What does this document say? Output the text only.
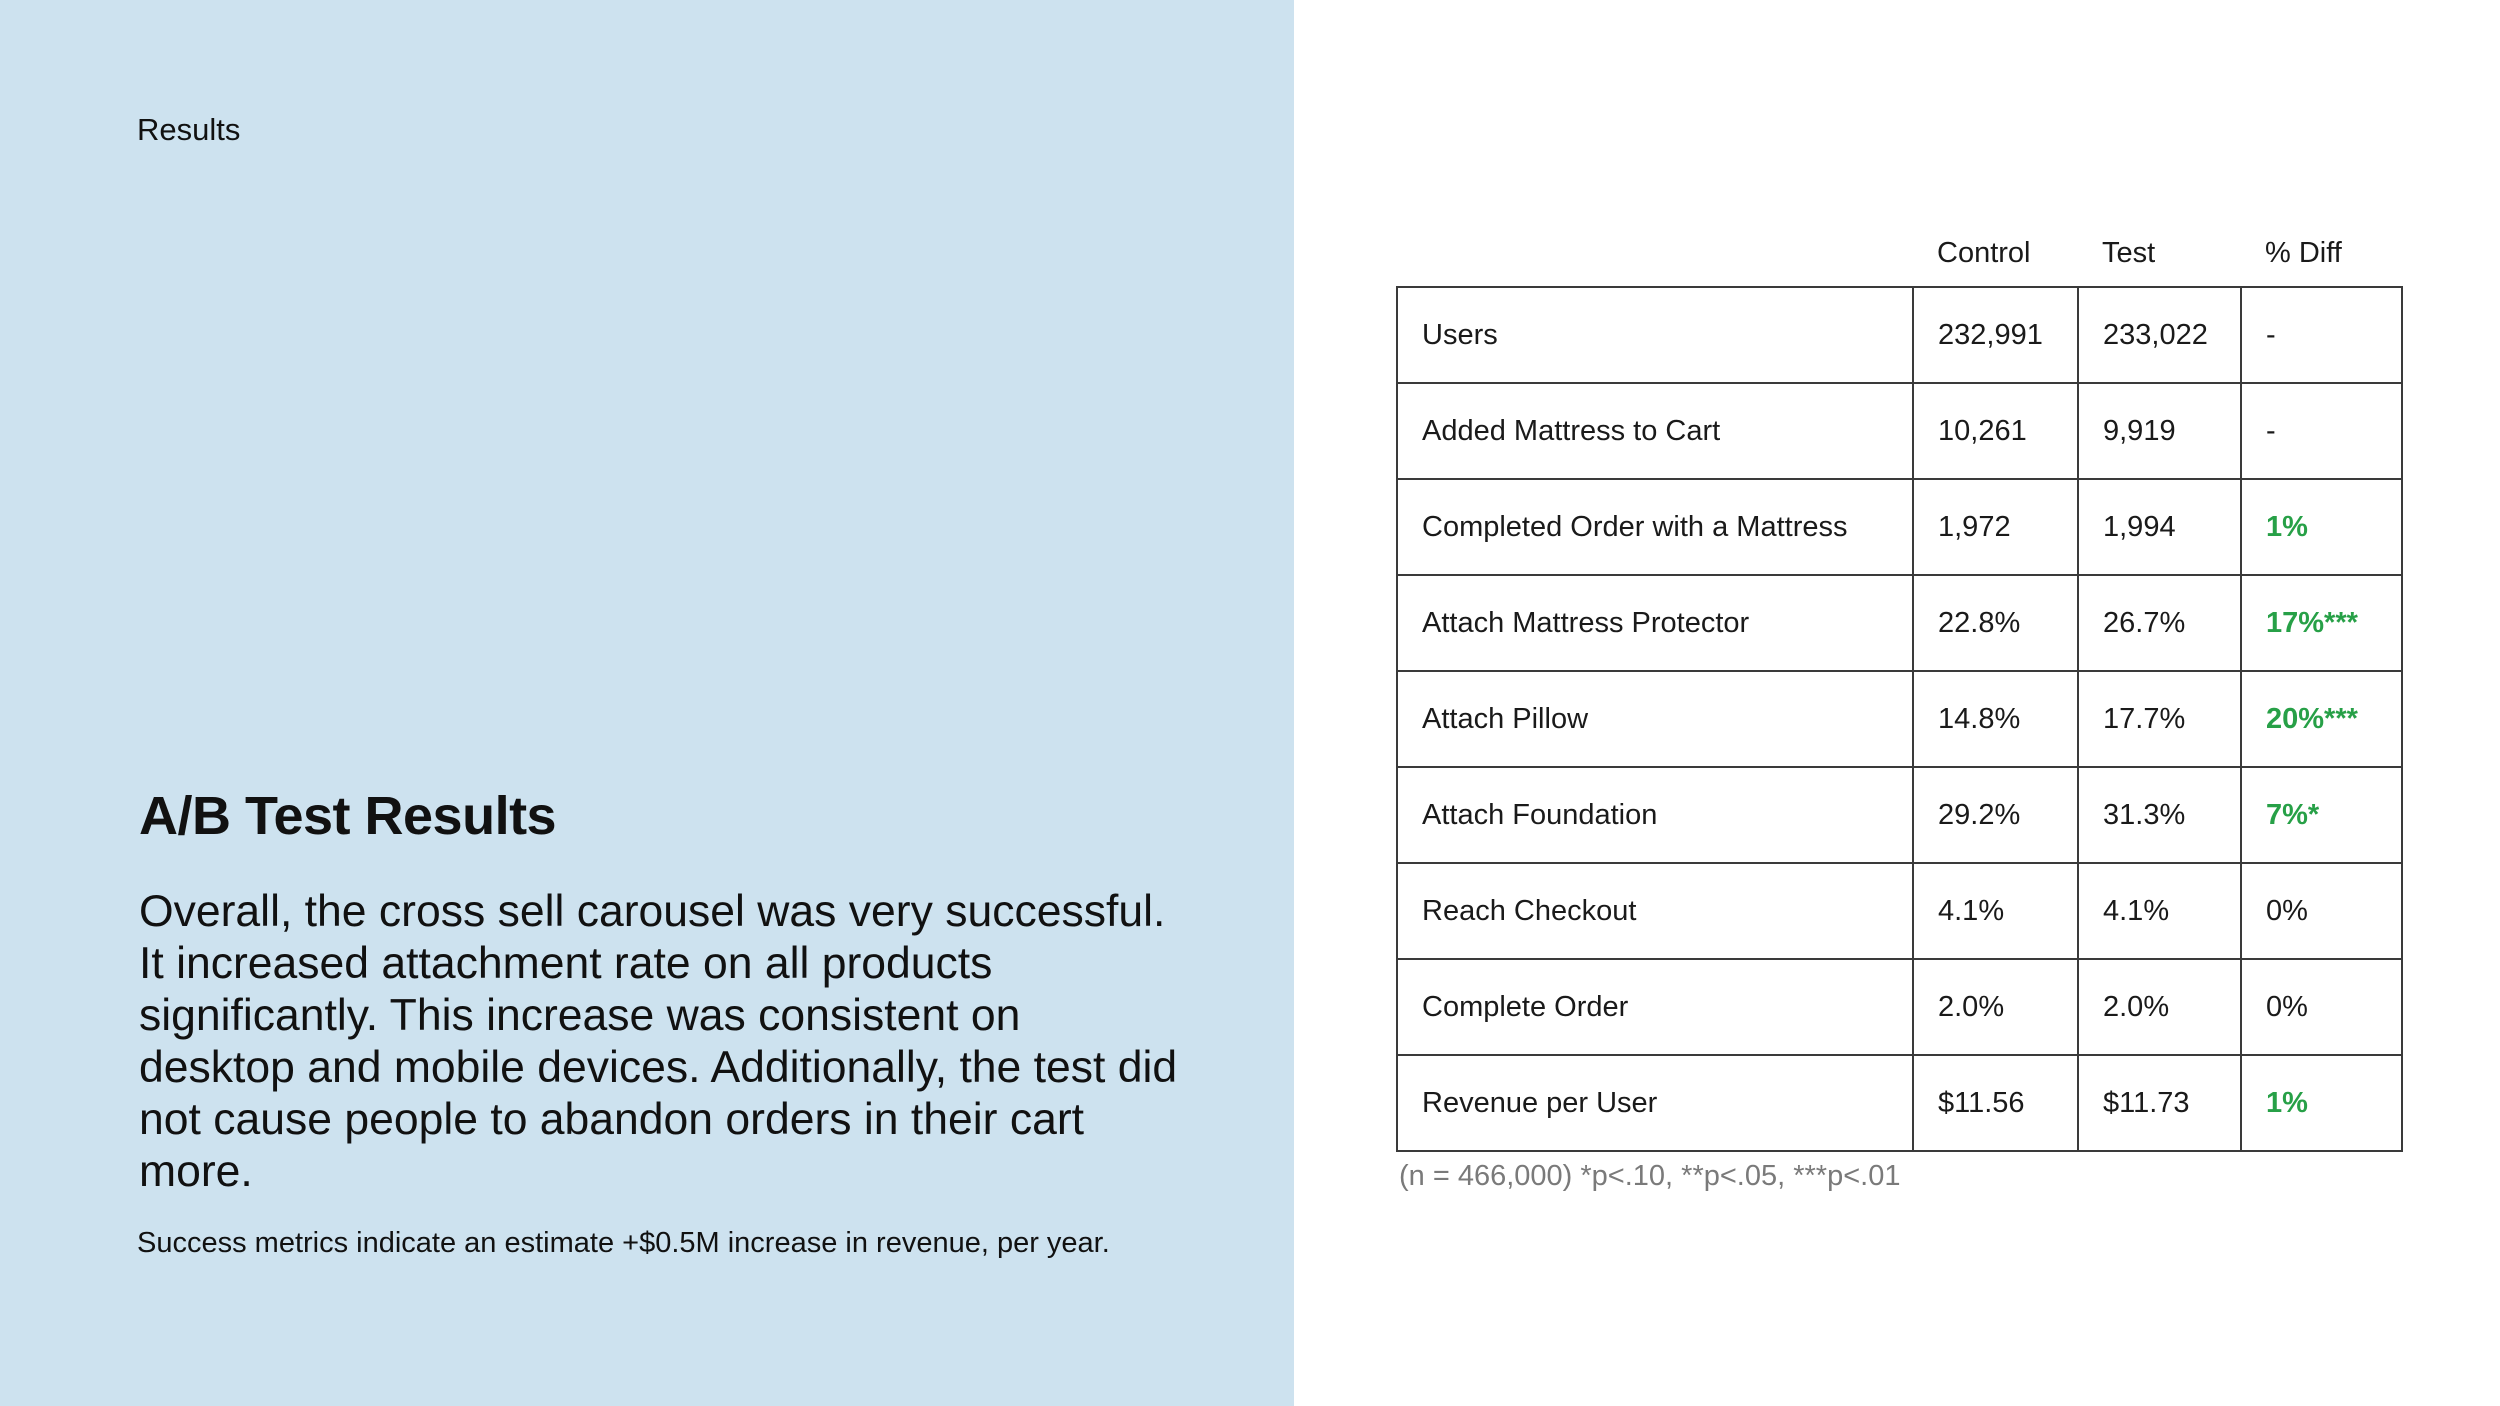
Results
A/B Test Results

Overall, the cross sell carousel was very successful. It increased attachment rate on all products significantly. This increase was consistent on desktop and mobile devices. Additionally, the test did not cause people to abandon orders in their cart more.

Success metrics indicate an estimate +$0.5M increase in revenue, per year.
	Control	Test	% Diff
Users	232,991	233,022	-
Added Mattress to Cart	10,261	9,919	-
Completed Order with a Mattress	1,972	1,994	1%
Attach Mattress Protector	22.8%	26.7%	17%***
Attach Pillow	14.8%	17.7%	20%***
Attach Foundation	29.2%	31.3%	7%*
Reach Checkout	4.1%	4.1%	0%
Complete Order	2.0%	2.0%	0%
Revenue per User	$11.56	$11.73	1%
(n = 466,000) *p<.10, **p<.05, ***p<.01
